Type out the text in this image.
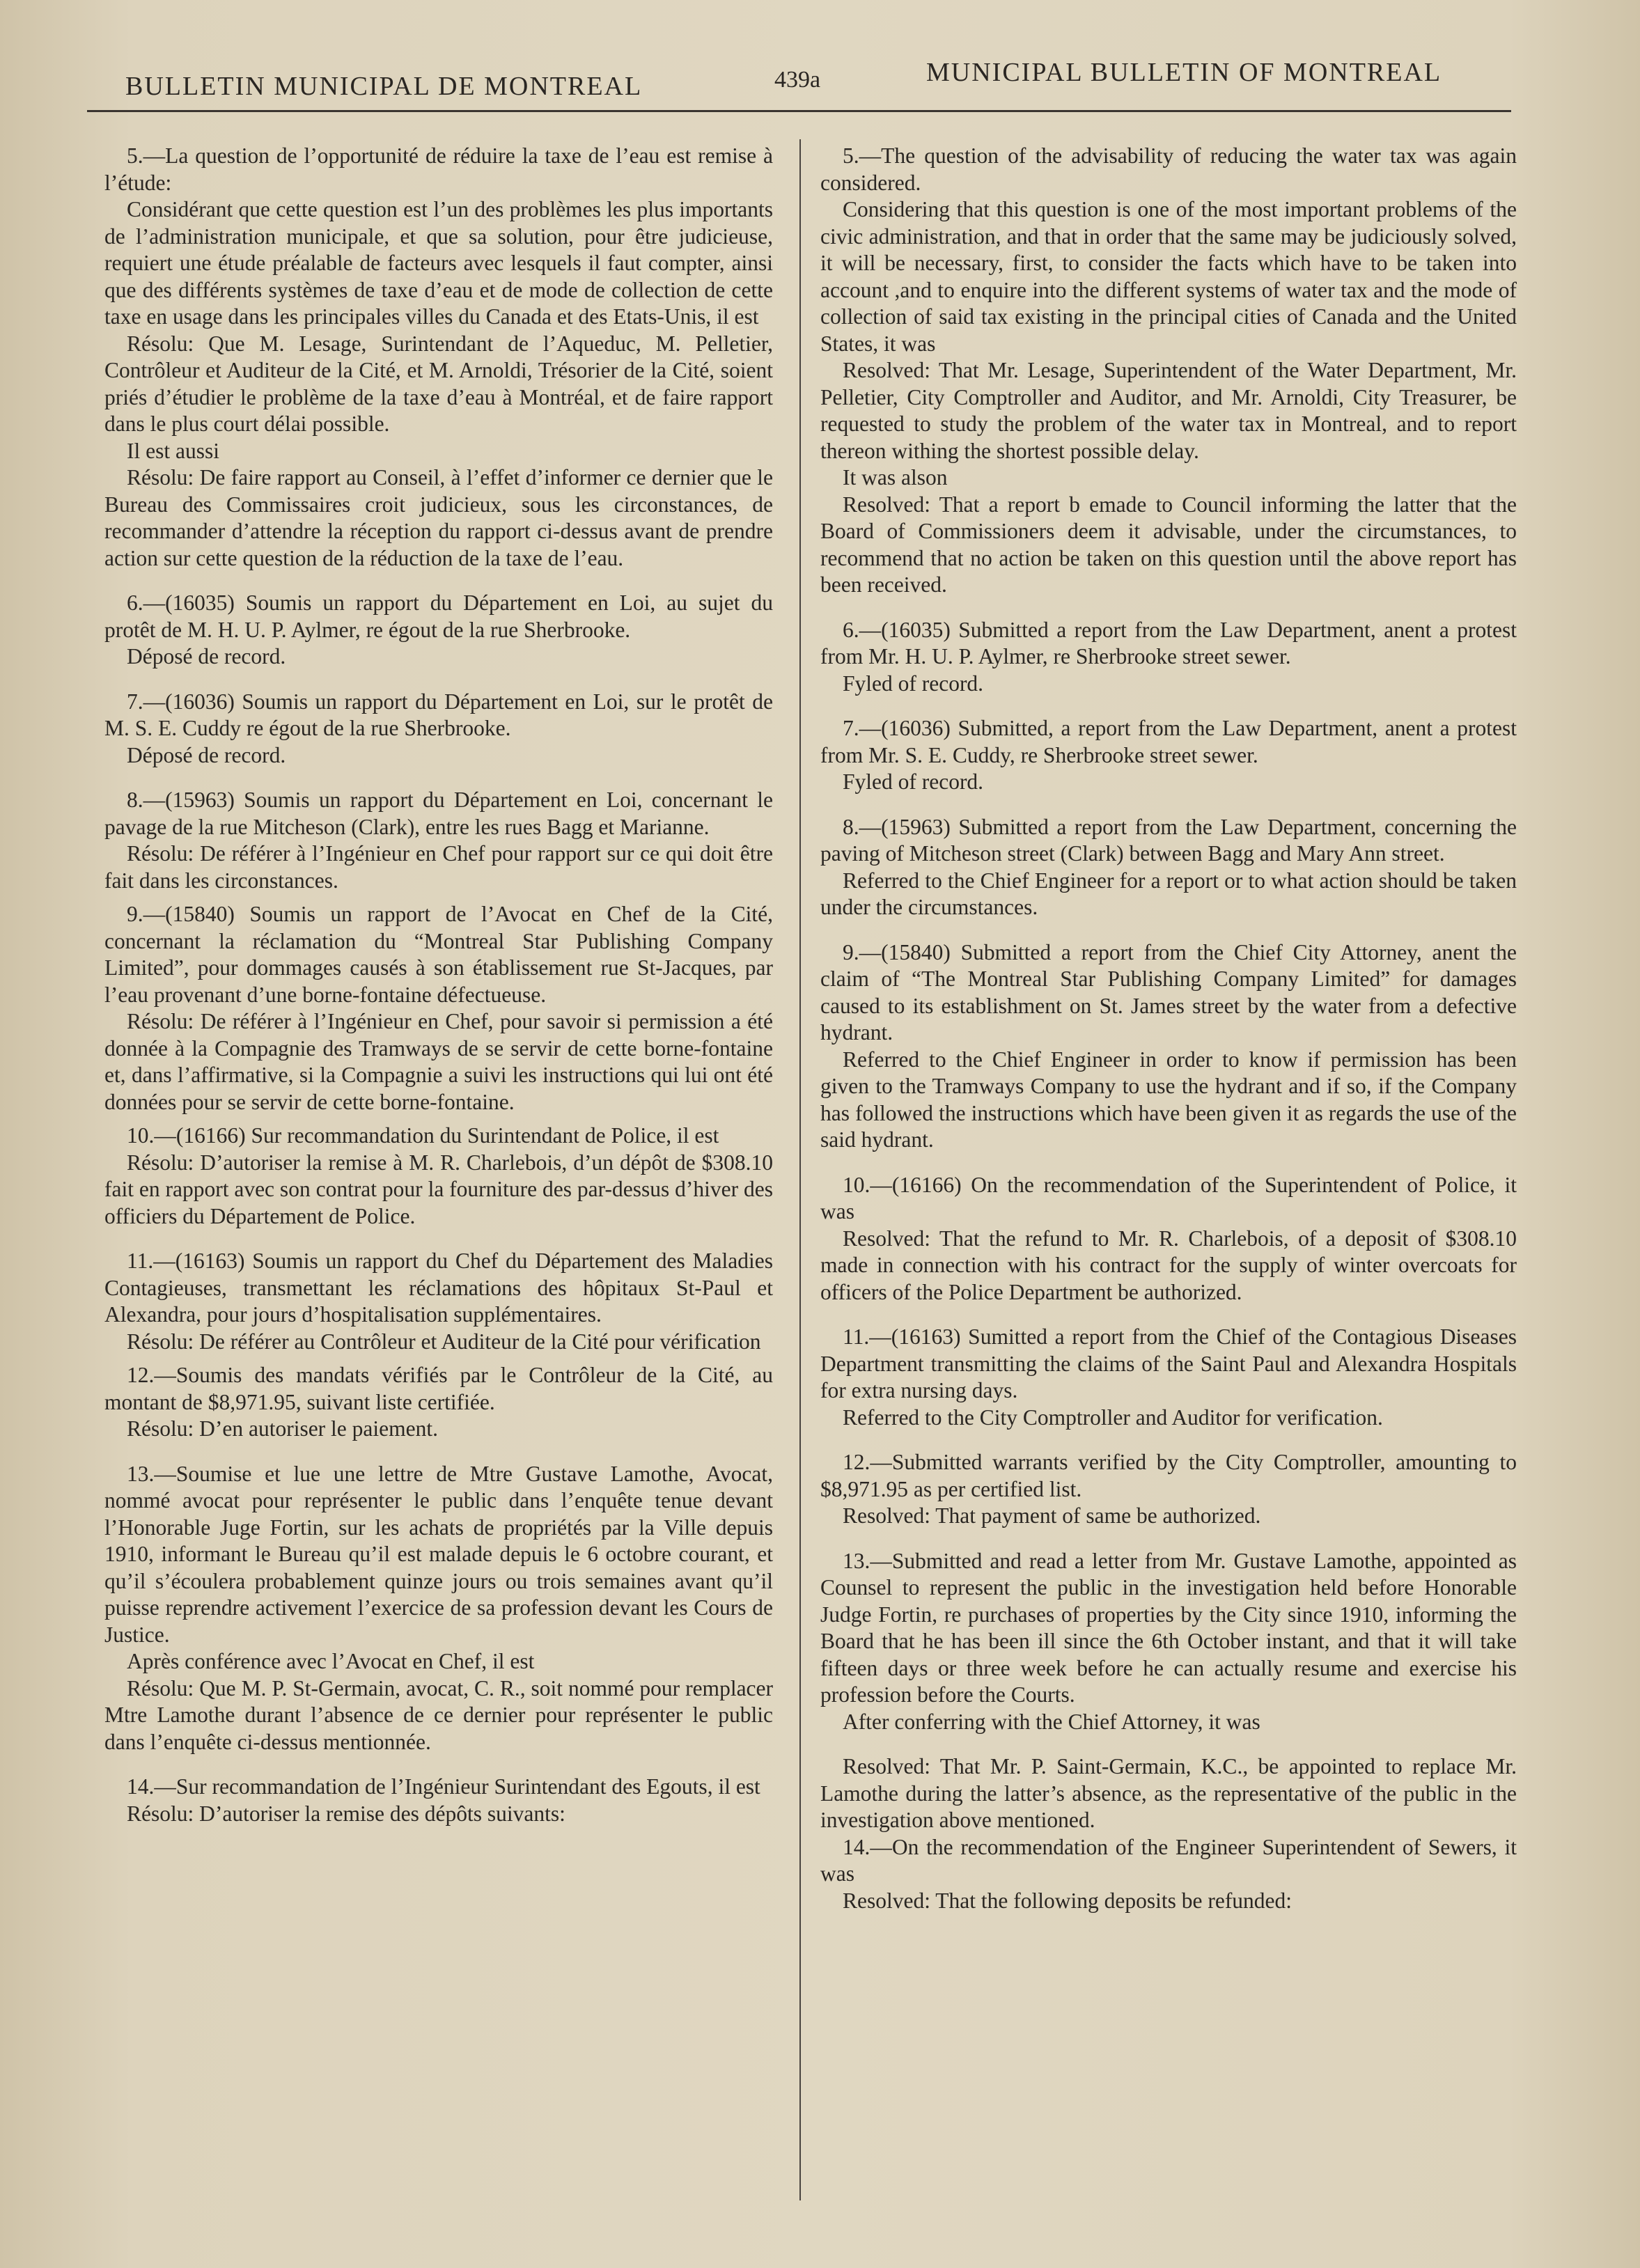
BULLETIN MUNICIPAL DE MONTREAL	439a	MUNICIPAL BULLETIN OF MONTREAL

5.—La question de l’opportunité de réduire la taxe de l’eau est remise à l’étude:

Considérant que cette question est l’un des problèmes les plus importants de l’administration municipale, et que sa solution, pour être judicieuse, requiert une étude préalable de facteurs avec lesquels il faut compter, ainsi que des différents systèmes de taxe d’eau et de mode de collection de cette taxe en usage dans les principales villes du Canada et des Etats-Unis, il est

Résolu: Que M. Lesage, Surintendant de l’Aqueduc, M. Pelletier, Contrôleur et Auditeur de la Cité, et M. Arnoldi, Trésorier de la Cité, soient priés d’étudier le problème de la taxe d’eau à Montréal, et de faire rapport dans le plus court délai possible.

Il est aussi

Résolu: De faire rapport au Conseil, à l’effet d’informer ce dernier que le Bureau des Commissaires croit judicieux, sous les circonstances, de recommander d’attendre la réception du rapport ci-dessus avant de prendre action sur cette question de la réduction de la taxe de l’eau.

6.—(16035) Soumis un rapport du Département en Loi, au sujet du protêt de M. H. U. P. Aylmer, re égout de la rue Sherbrooke.

Déposé de record.

7.—(16036) Soumis un rapport du Département en Loi, sur le protêt de M. S. E. Cuddy re égout de la rue Sherbrooke.

Déposé de record.

8.—(15963) Soumis un rapport du Département en Loi, concernant le pavage de la rue Mitcheson (Clark), entre les rues Bagg et Marianne.

Résolu: De référer à l’Ingénieur en Chef pour rapport sur ce qui doit être fait dans les circonstances.

9.—(15840) Soumis un rapport de l’Avocat en Chef de la Cité, concernant la réclamation du “Montreal Star Publishing Company Limited”, pour dommages causés à son établissement rue St-Jacques, par l’eau provenant d’une borne-fontaine défectueuse.

Résolu: De référer à l’Ingénieur en Chef, pour savoir si permission a été donnée à la Compagnie des Tramways de se servir de cette borne-fontaine et, dans l’affirmative, si la Compagnie a suivi les instructions qui lui ont été données pour se servir de cette borne-fontaine.

10.—(16166) Sur recommandation du Surintendant de Police, il est

Résolu: D’autoriser la remise à M. R. Charlebois, d’un dépôt de $308.10 fait en rapport avec son contrat pour la fourniture des par-dessus d’hiver des officiers du Département de Police.

11.—(16163) Soumis un rapport du Chef du Département des Maladies Contagieuses, transmettant les réclamations des hôpitaux St-Paul et Alexandra, pour jours d’hospitalisation supplémentaires.

Résolu: De référer au Contrôleur et Auditeur de la Cité pour vérification

12.—Soumis des mandats vérifiés par le Contrôleur de la Cité, au montant de $8,971.95, suivant liste certifiée.

Résolu: D’en autoriser le paiement.

13.—Soumise et lue une lettre de Mtre Gustave Lamothe, Avocat, nommé avocat pour représenter le public dans l’enquête tenue devant l’Honorable Juge Fortin, sur les achats de propriétés par la Ville depuis 1910, informant le Bureau qu’il est malade depuis le 6 octobre courant, et qu’il s’écoulera probablement quinze jours ou trois semaines avant qu’il puisse reprendre activement l’exercice de sa profession devant les Cours de Justice.

Après conférence avec l’Avocat en Chef, il est

Résolu: Que M. P. St-Germain, avocat, C. R., soit nommé pour remplacer Mtre Lamothe durant l’absence de ce dernier pour représenter le public dans l’enquête ci-dessus mentionnée.

14.—Sur recommandation de l’Ingénieur Surintendant des Egouts, il est

Résolu: D’autoriser la remise des dépôts suivants:

5.—The question of the advisability of reducing the water tax was again considered.

Considering that this question is one of the most important problems of the civic administration, and that in order that the same may be judiciously solved, it will be necessary, first, to consider the facts which have to be taken into account ,and to enquire into the different systems of water tax and the mode of collection of said tax existing in the principal cities of Canada and the United States, it was

Resolved: That Mr. Lesage, Superintendent of the Water Department, Mr. Pelletier, City Comptroller and Auditor, and Mr. Arnoldi, City Treasurer, be requested to study the problem of the water tax in Montreal, and to report thereon withing the shortest possible delay.

It was alson

Resolved: That a report b emade to Council informing the latter that the Board of Commissioners deem it advisable, under the circumstances, to recommend that no action be taken on this question until the above report has been received.

6.—(16035) Submitted a report from the Law Department, anent a protest from Mr. H. U. P. Aylmer, re Sherbrooke street sewer.

Fyled of record.

7.—(16036) Submitted, a report from the Law Department, anent a protest from Mr. S. E. Cuddy, re Sherbrooke street sewer.

Fyled of record.

8.—(15963) Submitted a report from the Law Department, concerning the paving of Mitcheson street (Clark) between Bagg and Mary Ann street.

Referred to the Chief Engineer for a report or to what action should be taken under the circumstances.

9.—(15840) Submitted a report from the Chief City Attorney, anent the claim of “The Montreal Star Publishing Company Limited” for damages caused to its establishment on St. James street by the water from a defective hydrant.

Referred to the Chief Engineer in order to know if permission has been given to the Tramways Company to use the hydrant and if so, if the Company has followed the instructions which have been given it as regards the use of the said hydrant.

10.—(16166) On the recommendation of the Superintendent of Police, it was

Resolved: That the refund to Mr. R. Charlebois, of a deposit of $308.10 made in connection with his contract for the supply of winter overcoats for officers of the Police Department be authorized.

11.—(16163) Sumitted a report from the Chief of the Contagious Diseases Department transmitting the claims of the Saint Paul and Alexandra Hospitals for extra nursing days.

Referred to the City Comptroller and Auditor for verification.

12.—Submitted warrants verified by the City Comptroller, amounting to $8,971.95 as per certified list.

Resolved: That payment of same be authorized.

13.—Submitted and read a letter from Mr. Gustave Lamothe, appointed as Counsel to represent the public in the investigation held before Honorable Judge Fortin, re purchases of properties by the City since 1910, informing the Board that he has been ill since the 6th October instant, and that it will take fifteen days or three week before he can actually resume and exercise his profession before the Courts.

After conferring with the Chief Attorney, it was

Resolved: That Mr. P. Saint-Germain, K.C., be appointed to replace Mr. Lamothe during the latter’s absence, as the representative of the public in the investigation above mentioned.

14.—On the recommendation of the Engineer Superintendent of Sewers, it was

Resolved: That the following deposits be refunded:
